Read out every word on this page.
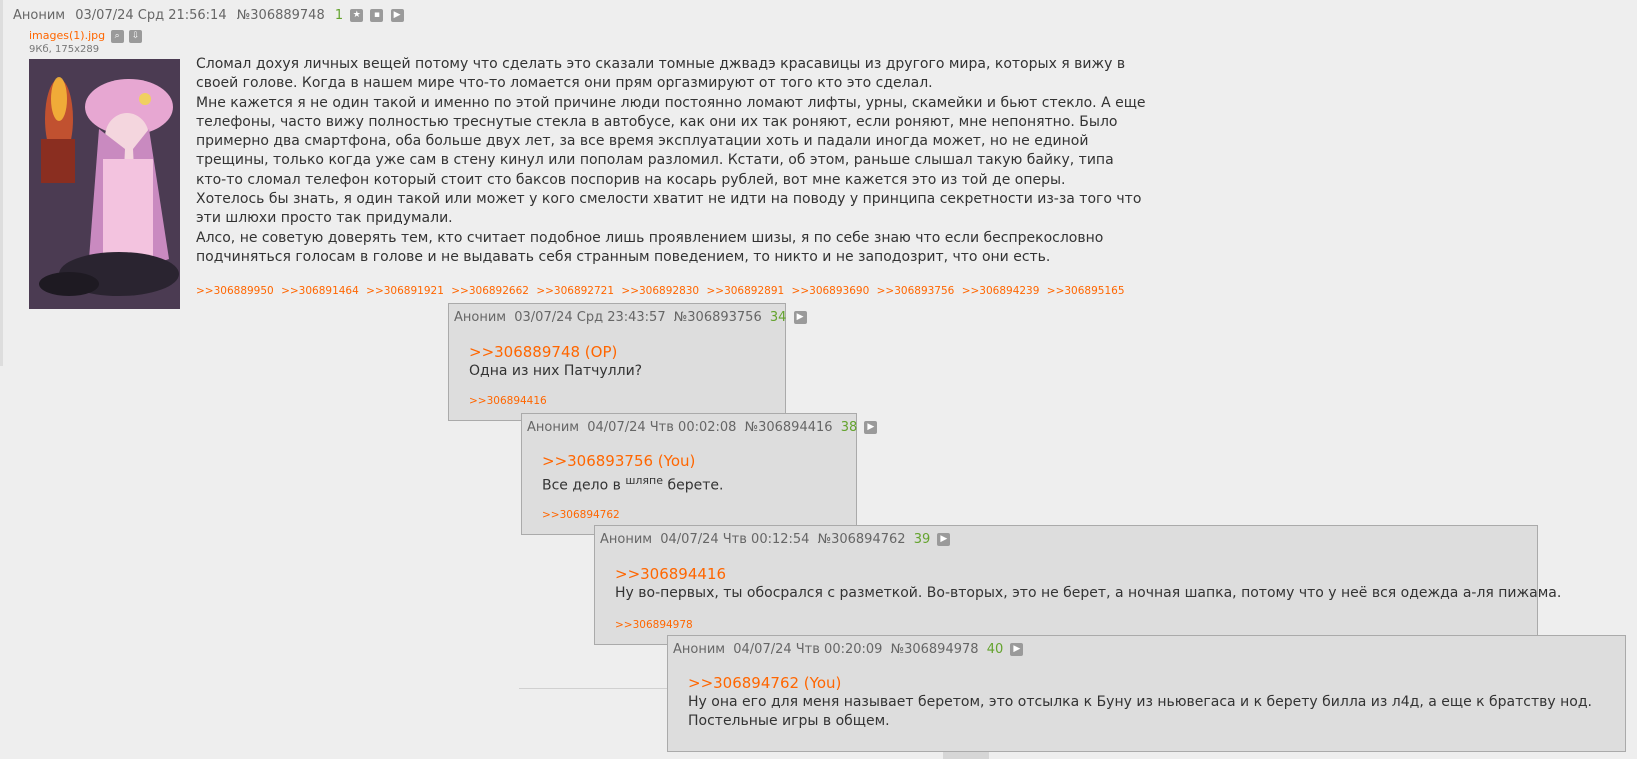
Аноним 03/07/24 Срд 21:56:14 №306889748 1 ★ ▪ ▶
images(1).jpg ⌕ ⇩
9Кб, 175x289

Сломал дохуя личных вещей потому что сделать это сказали томные джвадэ красавицы из другого мира, которых я вижу в своей голове. Когда в нашем мире что-то ломается они прям оргазмируют от того кто это сделал.

Мне кажется я не один такой и именно по этой причине люди постоянно ломают лифты, урны, скамейки и бьют стекло. А еще телефоны, часто вижу полностью треснутые стекла в автобусе, как они их так роняют, если роняют, мне непонятно. Было примерно два смартфона, оба больше двух лет, за все время эксплуатации хоть и падали иногда может, но не единой трещины, только когда уже сам в стену кинул или пополам разломил. Кстати, об этом, раньше слышал такую байку, типа кто-то сломал телефон который стоит сто баксов поспорив на косарь рублей, вот мне кажется это из той де оперы.

Хотелось бы знать, я один такой или может у кого смелости хватит не идти на поводу у принципа секретности из-за того что эти шлюхи просто так придумали.

Алсо, не советую доверять тем, кто считает подобное лишь проявлением шизы, я по себе знаю что если беспрекословно подчиняться голосам в голове и не выдавать себя странным поведением, то никто и не заподозрит, что они есть.

>>306889950 >>306891464 >>306891921 >>306892662 >>306892721 >>306892830 >>306892891 >>306893690 >>306893756 >>306894239 >>306895165
Аноним 03/07/24 Срд 23:43:57 №306893756 34 ▶
>>306889748 (OP)
Одна из них Патчулли?
>>306894416
Аноним 04/07/24 Чтв 00:02:08 №306894416 38 ▶
>>306893756 (You)
Все дело в $^{шляпе}$ берете.
>>306894762
Аноним 04/07/24 Чтв 00:12:54 №306894762 39 ▶
>>306894416
Ну во-первых, ты обосрался с разметкой. Во-вторых, это не берет, а ночная шапка, потому что у неё вся одежда а-ля пижама.
>>306894978
Аноним 04/07/24 Чтв 00:20:09 №306894978 40 ▶
>>306894762 (You)
Ну она его для меня называет беретом, это отсылка к Буну из ньювегаса и к берету билла из л4д, а еще к братству нод.
Постельные игры в общем.
